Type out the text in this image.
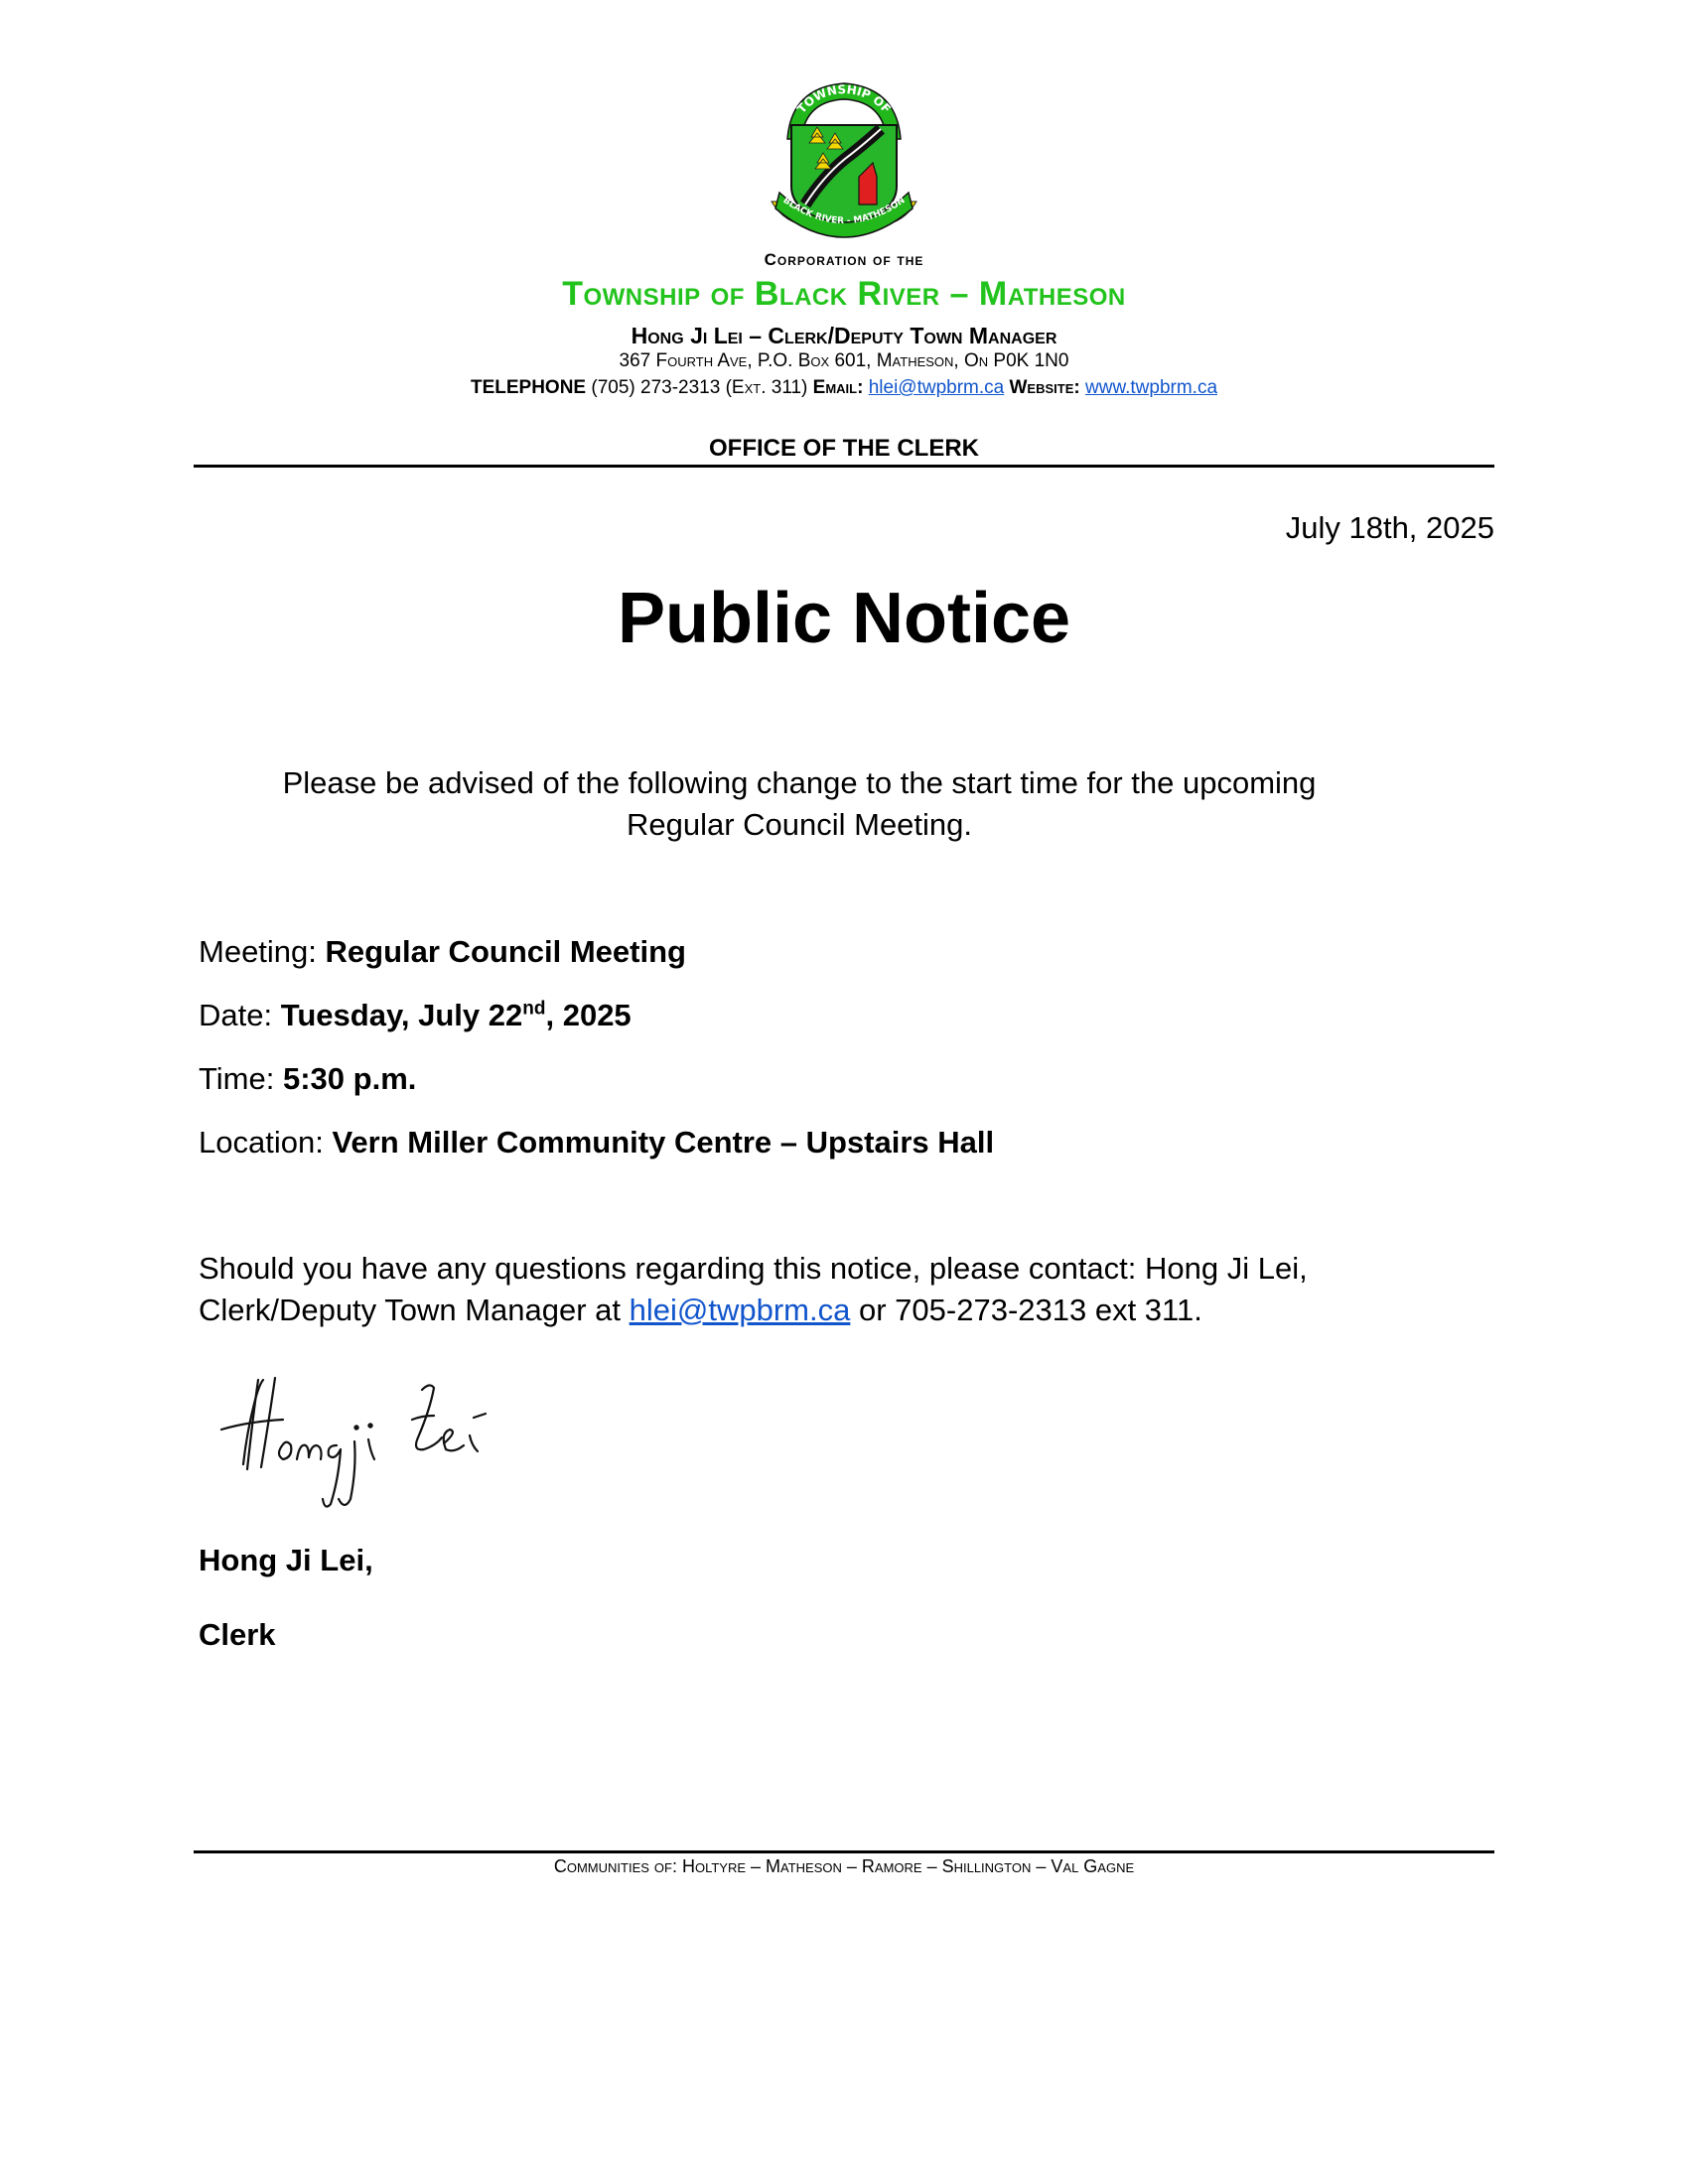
TOWNSHIP OF
BLACK RIVER - MATHESON
Corporation of the
Township of Black River – Matheson
Hong Ji Lei – Clerk/Deputy Town Manager
367 Fourth Ave, P.O. Box 601, Matheson, On P0K 1N0
TELEPHONE (705) 273-2313 (Ext. 311) Email: hlei@twpbrm.ca Website: www.twpbrm.ca
OFFICE OF THE CLERK
July 18th, 2025
Public Notice
Please be advised of the following change to the start time for the upcoming
Regular Council Meeting.
Meeting: Regular Council Meeting
Date: Tuesday, July 22nd, 2025
Time: 5:30 p.m.
Location: Vern Miller Community Centre – Upstairs Hall
Should you have any questions regarding this notice, please contact: Hong Ji Lei,
Clerk/Deputy Town Manager at hlei@twpbrm.ca or 705-273-2313 ext 311.
Hong Ji Lei,
Clerk
Communities of: Holtyre – Matheson – Ramore – Shillington – Val Gagne
